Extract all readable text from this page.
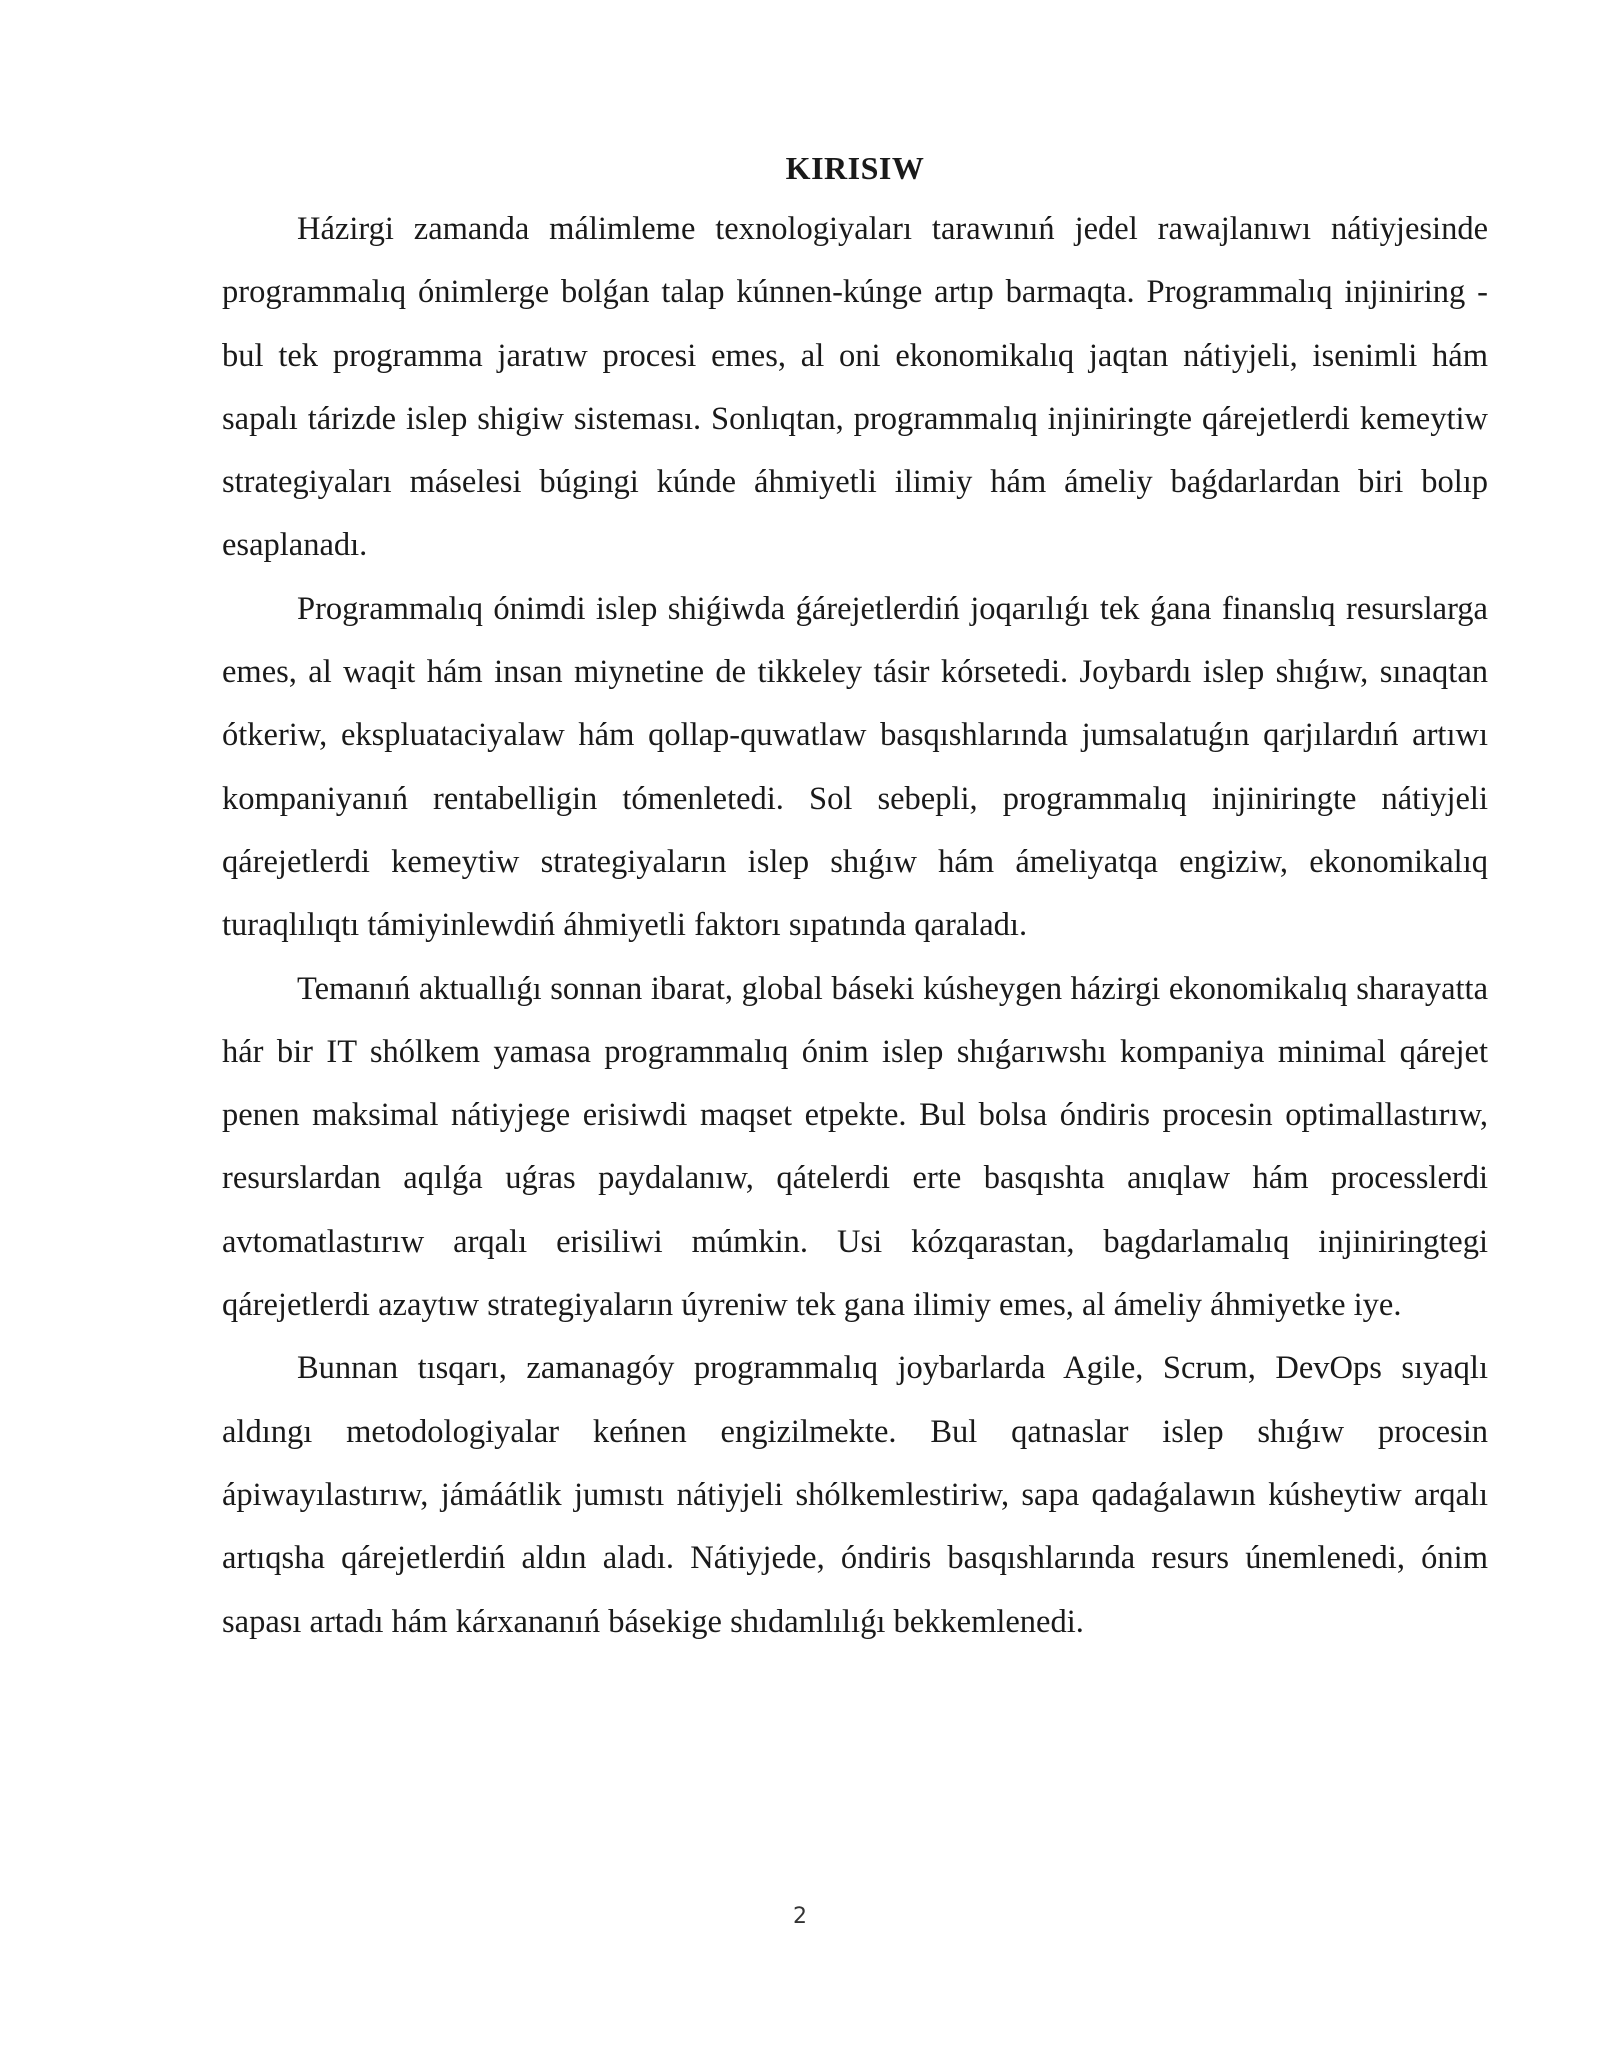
KIRISIW

Házirgi zamanda málimleme texnologiyaları tarawınıń jedel rawajlanıwı nátiyjesinde programmalıq ónimlerge bolǵan talap kúnnen-kúnge artıp barmaqta. Programmalıq injiniring - bul tek programma jaratıw procesi emes, al oni ekonomikalıq jaqtan nátiyjeli, isenimli hám sapalı tárizde islep shigiw sisteması. Sonlıqtan, programmalıq injiniringte qárejetlerdi kemeytiw strategiyaları máselesi búgingi kúnde áhmiyetli ilimiy hám ámeliy baǵdarlardan biri bolıp esaplanadı.

Programmalıq ónimdi islep shiǵiwda ǵárejetlerdiń joqarılıǵı tek ǵana finanslıq resurslarga emes, al waqit hám insan miynetine de tikkeley tásir kórsetedi. Joybardı islep shıǵıw, sınaqtan ótkeriw, ekspluataciyalaw hám qollap-quwatlaw basqıshlarında jumsalatuǵın qarjılardıń artıwı kompaniyanıń rentabelligin tómenletedi. Sol sebepli, programmalıq injiniringte nátiyjeli qárejetlerdi kemeytiw strategiyaların islep shıǵıw hám ámeliyatqa engiziw, ekonomikalıq turaqlılıqtı támiyinlewdiń áhmiyetli faktorı sıpatında qaraladı.

Temanıń aktuallıǵı sonnan ibarat, global báseki kúsheygen házirgi ekonomikalıq sharayatta hár bir IT shólkem yamasa programmalıq ónim islep shıǵarıwshı kompaniya minimal qárejet penen maksimal nátiyjege erisiwdi maqset etpekte. Bul bolsa óndiris procesin optimallastırıw, resurslardan aqılǵa uǵras paydalanıw, qátelerdi erte basqıshta anıqlaw hám processlerdi avtomatlastırıw arqalı erisiliwi múmkin. Usi kózqarastan, bagdarlamalıq injiniringtegi qárejetlerdi azaytıw strategiyaların úyreniw tek gana ilimiy emes, al ámeliy áhmiyetke iye.

Bunnan tısqarı, zamanagóy programmalıq joybarlarda Agile, Scrum, DevOps sıyaqlı aldıngı metodologiyalar keńnen engizilmekte. Bul qatnaslar islep shıǵıw procesin ápiwayılastırıw, jámáátlik jumıstı nátiyjeli shólkemlestiriw, sapa qadaǵalawın kúsheytiw arqalı artıqsha qárejetlerdiń aldın aladı. Nátiyjede, óndiris basqıshlarında resurs únemlenedi, ónim sapası artadı hám kárxananıń básekige shıdamlılıǵı bekkemlenedi.

2
